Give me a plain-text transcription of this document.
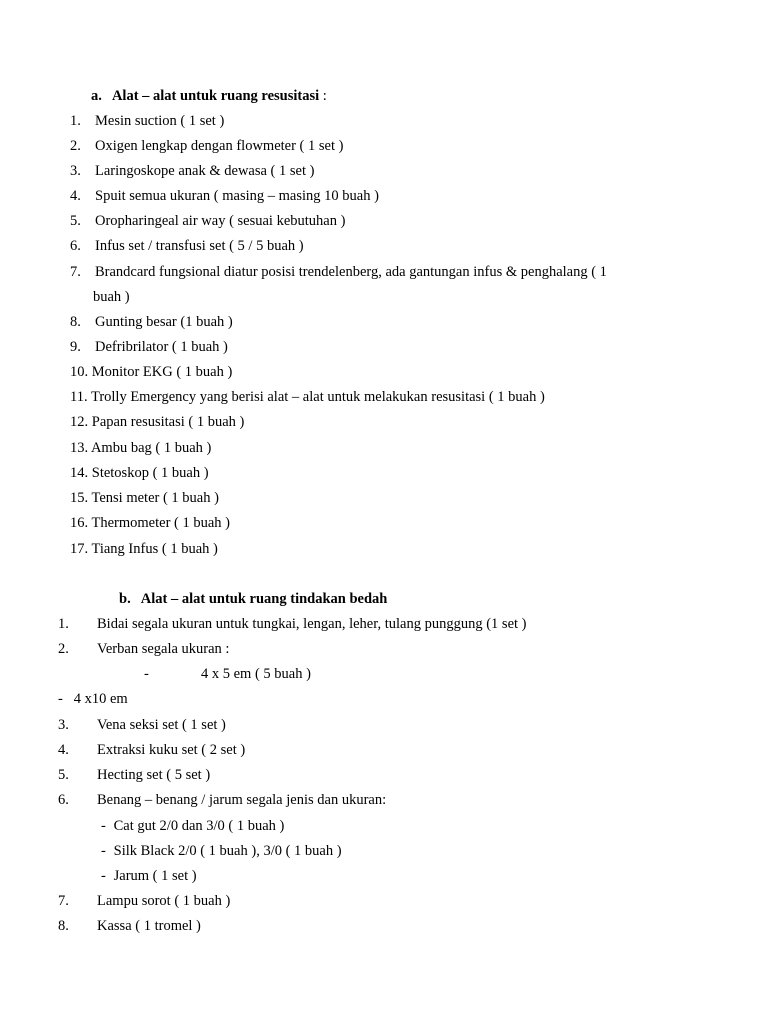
a. Alat – alat untuk ruang resusitasi :
1. Mesin suction ( 1 set )
2. Oxigen lengkap dengan flowmeter ( 1 set )
3. Laringoskope anak & dewasa ( 1 set )
4. Spuit semua ukuran ( masing – masing 10 buah )
5. Oropharingeal air way ( sesuai kebutuhan )
6. Infus set / transfusi set ( 5 / 5 buah )
7. Brandcard fungsional diatur posisi trendelenberg, ada gantungan infus & penghalang ( 1
buah )
8. Gunting besar (1 buah )
9. Defribrilator ( 1 buah )
10. Monitor EKG ( 1 buah )
11. Trolly Emergency yang berisi alat – alat untuk melakukan resusitasi ( 1 buah )
12. Papan resusitasi ( 1 buah )
13. Ambu bag ( 1 buah )
14. Stetoskop ( 1 buah )
15. Tensi meter ( 1 buah )
16. Thermometer ( 1 buah )
17. Tiang Infus ( 1 buah )
b. Alat – alat untuk ruang tindakan bedah
1. Bidai segala ukuran untuk tungkai, lengan, leher, tulang punggung (1 set )
2. Verban segala ukuran :
-	4 x 5 em ( 5 buah )
- 4 x10 em
3. Vena seksi set ( 1 set )
4. Extraksi kuku set ( 2 set )
5. Hecting set ( 5 set )
6. Benang – benang / jarum segala jenis dan ukuran:
- Cat gut 2/0 dan 3/0 ( 1 buah )
- Silk Black 2/0 ( 1 buah ), 3/0 ( 1 buah )
- Jarum ( 1 set )
7. Lampu sorot ( 1 buah )
8. Kassa ( 1 tromel )
